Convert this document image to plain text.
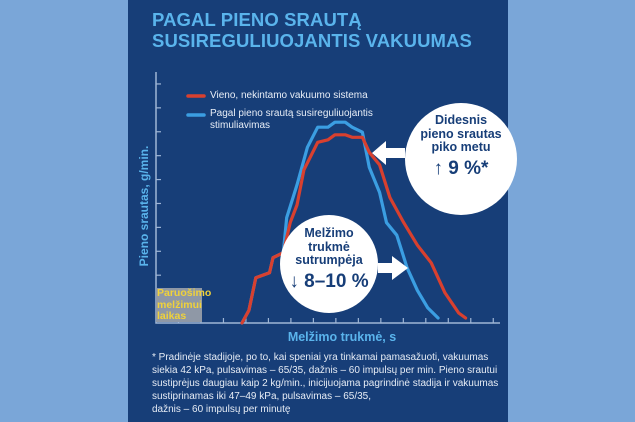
PAGAL PIENO SRAUTĄ
SUSIREGULIUOJANTIS VAKUUMAS
Melžimo trukmė, s
Pieno srautas, g/min.
Vieno, nekintamo vakuumo sistema
Pagal pieno srautą susireguliuojantis
stimuliavimas
Paruošimo
melžimui
laikas
Didesnis
pieno srautas
piko metu
↑ 9 %*
Melžimo
trukmė
sutrumpėja
↓ 8–10 %

* Pradinėje stadijoje, po to, kai speniai yra tinkamai pamasažuoti, vakuumas
siekia 42 kPa, pulsavimas – 65/35, dažnis – 60 impulsų per min. Pieno srautui
sustiprėjus daugiau kaip 2 kg/min., inicijuojama pagrindinė stadija ir vakuumas
sustiprinamas iki 47–49 kPa, pulsavimas – 65/35,
dažnis – 60 impulsų per minutę
